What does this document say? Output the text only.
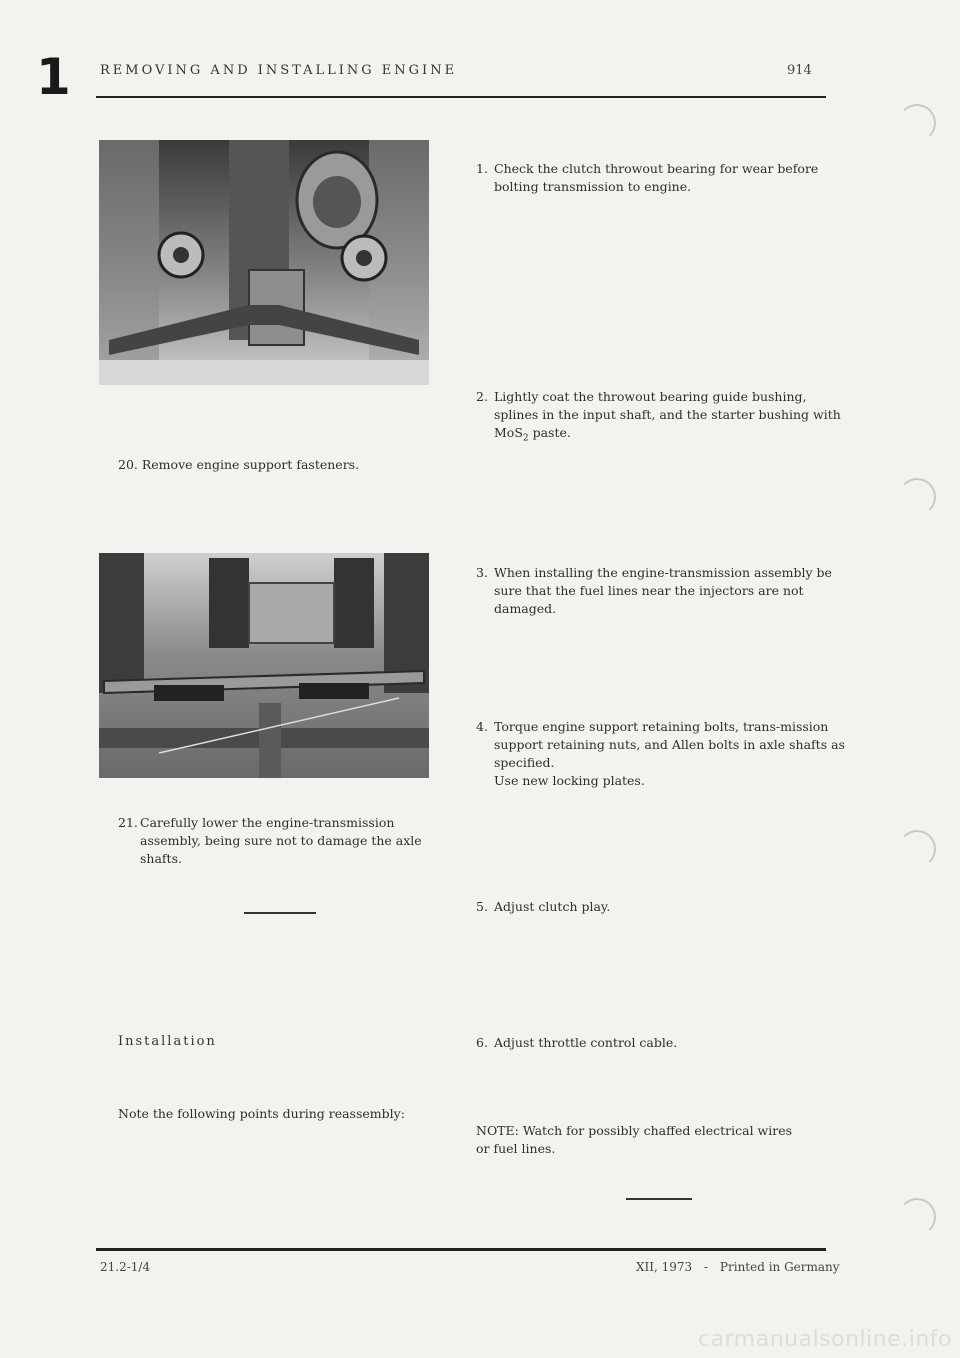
1 REMOVING AND INSTALLING ENGINE	914
20. Remove engine support fasteners.
21. Carefully lower the engine-transmission assembly, being sure not to damage the axle shafts.
Installation
Note the following points during reassembly:
1. Check the clutch throwout bearing for wear before bolting transmission to engine.
2. Lightly coat the throwout bearing guide bushing, splines in the input shaft, and the starter bushing with MoS$_2$ paste.
3. When installing the engine-transmission assembly be sure that the fuel lines near the injectors are not damaged.
4. Torque engine support retaining bolts, trans-mission support retaining nuts, and Allen bolts in axle shafts as specified.
Use new locking plates.
5. Adjust clutch play.
6. Adjust throttle control cable.
NOTE: Watch for possibly chaffed electrical wires or fuel lines.
21.2-1/4	XII, 1973 - Printed in Germany
carmanualsonline.info
